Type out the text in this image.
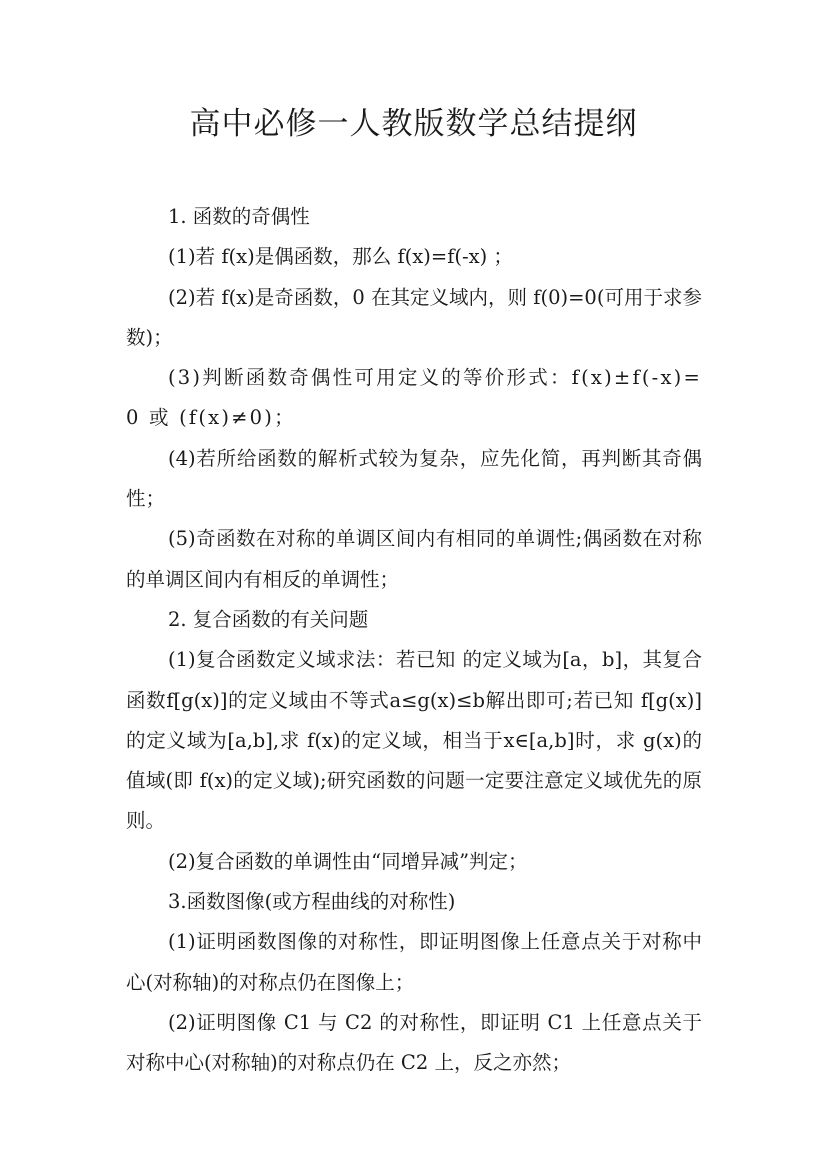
高中必修一人教版数学总结提纲

1. 函数的奇偶性

(1)若 f(x)是偶函数，那么 f(x)=f(-x) ；

(2)若 f(x)是奇函数，0 在其定义域内，则 f(0)=0(可用于求参数)；

(3)判断函数奇偶性可用定义的等价形式：f(x)±f(-x)=0 或 (f(x)≠0)；

(4)若所给函数的解析式较为复杂，应先化简，再判断其奇偶性；

(5)奇函数在对称的单调区间内有相同的单调性;偶函数在对称的单调区间内有相反的单调性；

2. 复合函数的有关问题

(1)复合函数定义域求法：若已知 的定义域为[a，b]，其复合函数f[g(x)]的定义域由不等式a≤g(x)≤b解出即可;若已知 f[g(x)]的定义域为[a,b],求 f(x)的定义域，相当于x∈[a,b]时，求 g(x)的值域(即 f(x)的定义域);研究函数的问题一定要注意定义域优先的原则。

(2)复合函数的单调性由“同增异减”判定；

3.函数图像(或方程曲线的对称性)

(1)证明函数图像的对称性，即证明图像上任意点关于对称中心(对称轴)的对称点仍在图像上；

(2)证明图像 C1 与 C2 的对称性，即证明 C1 上任意点关于对称中心(对称轴)的对称点仍在 C2 上，反之亦然；
